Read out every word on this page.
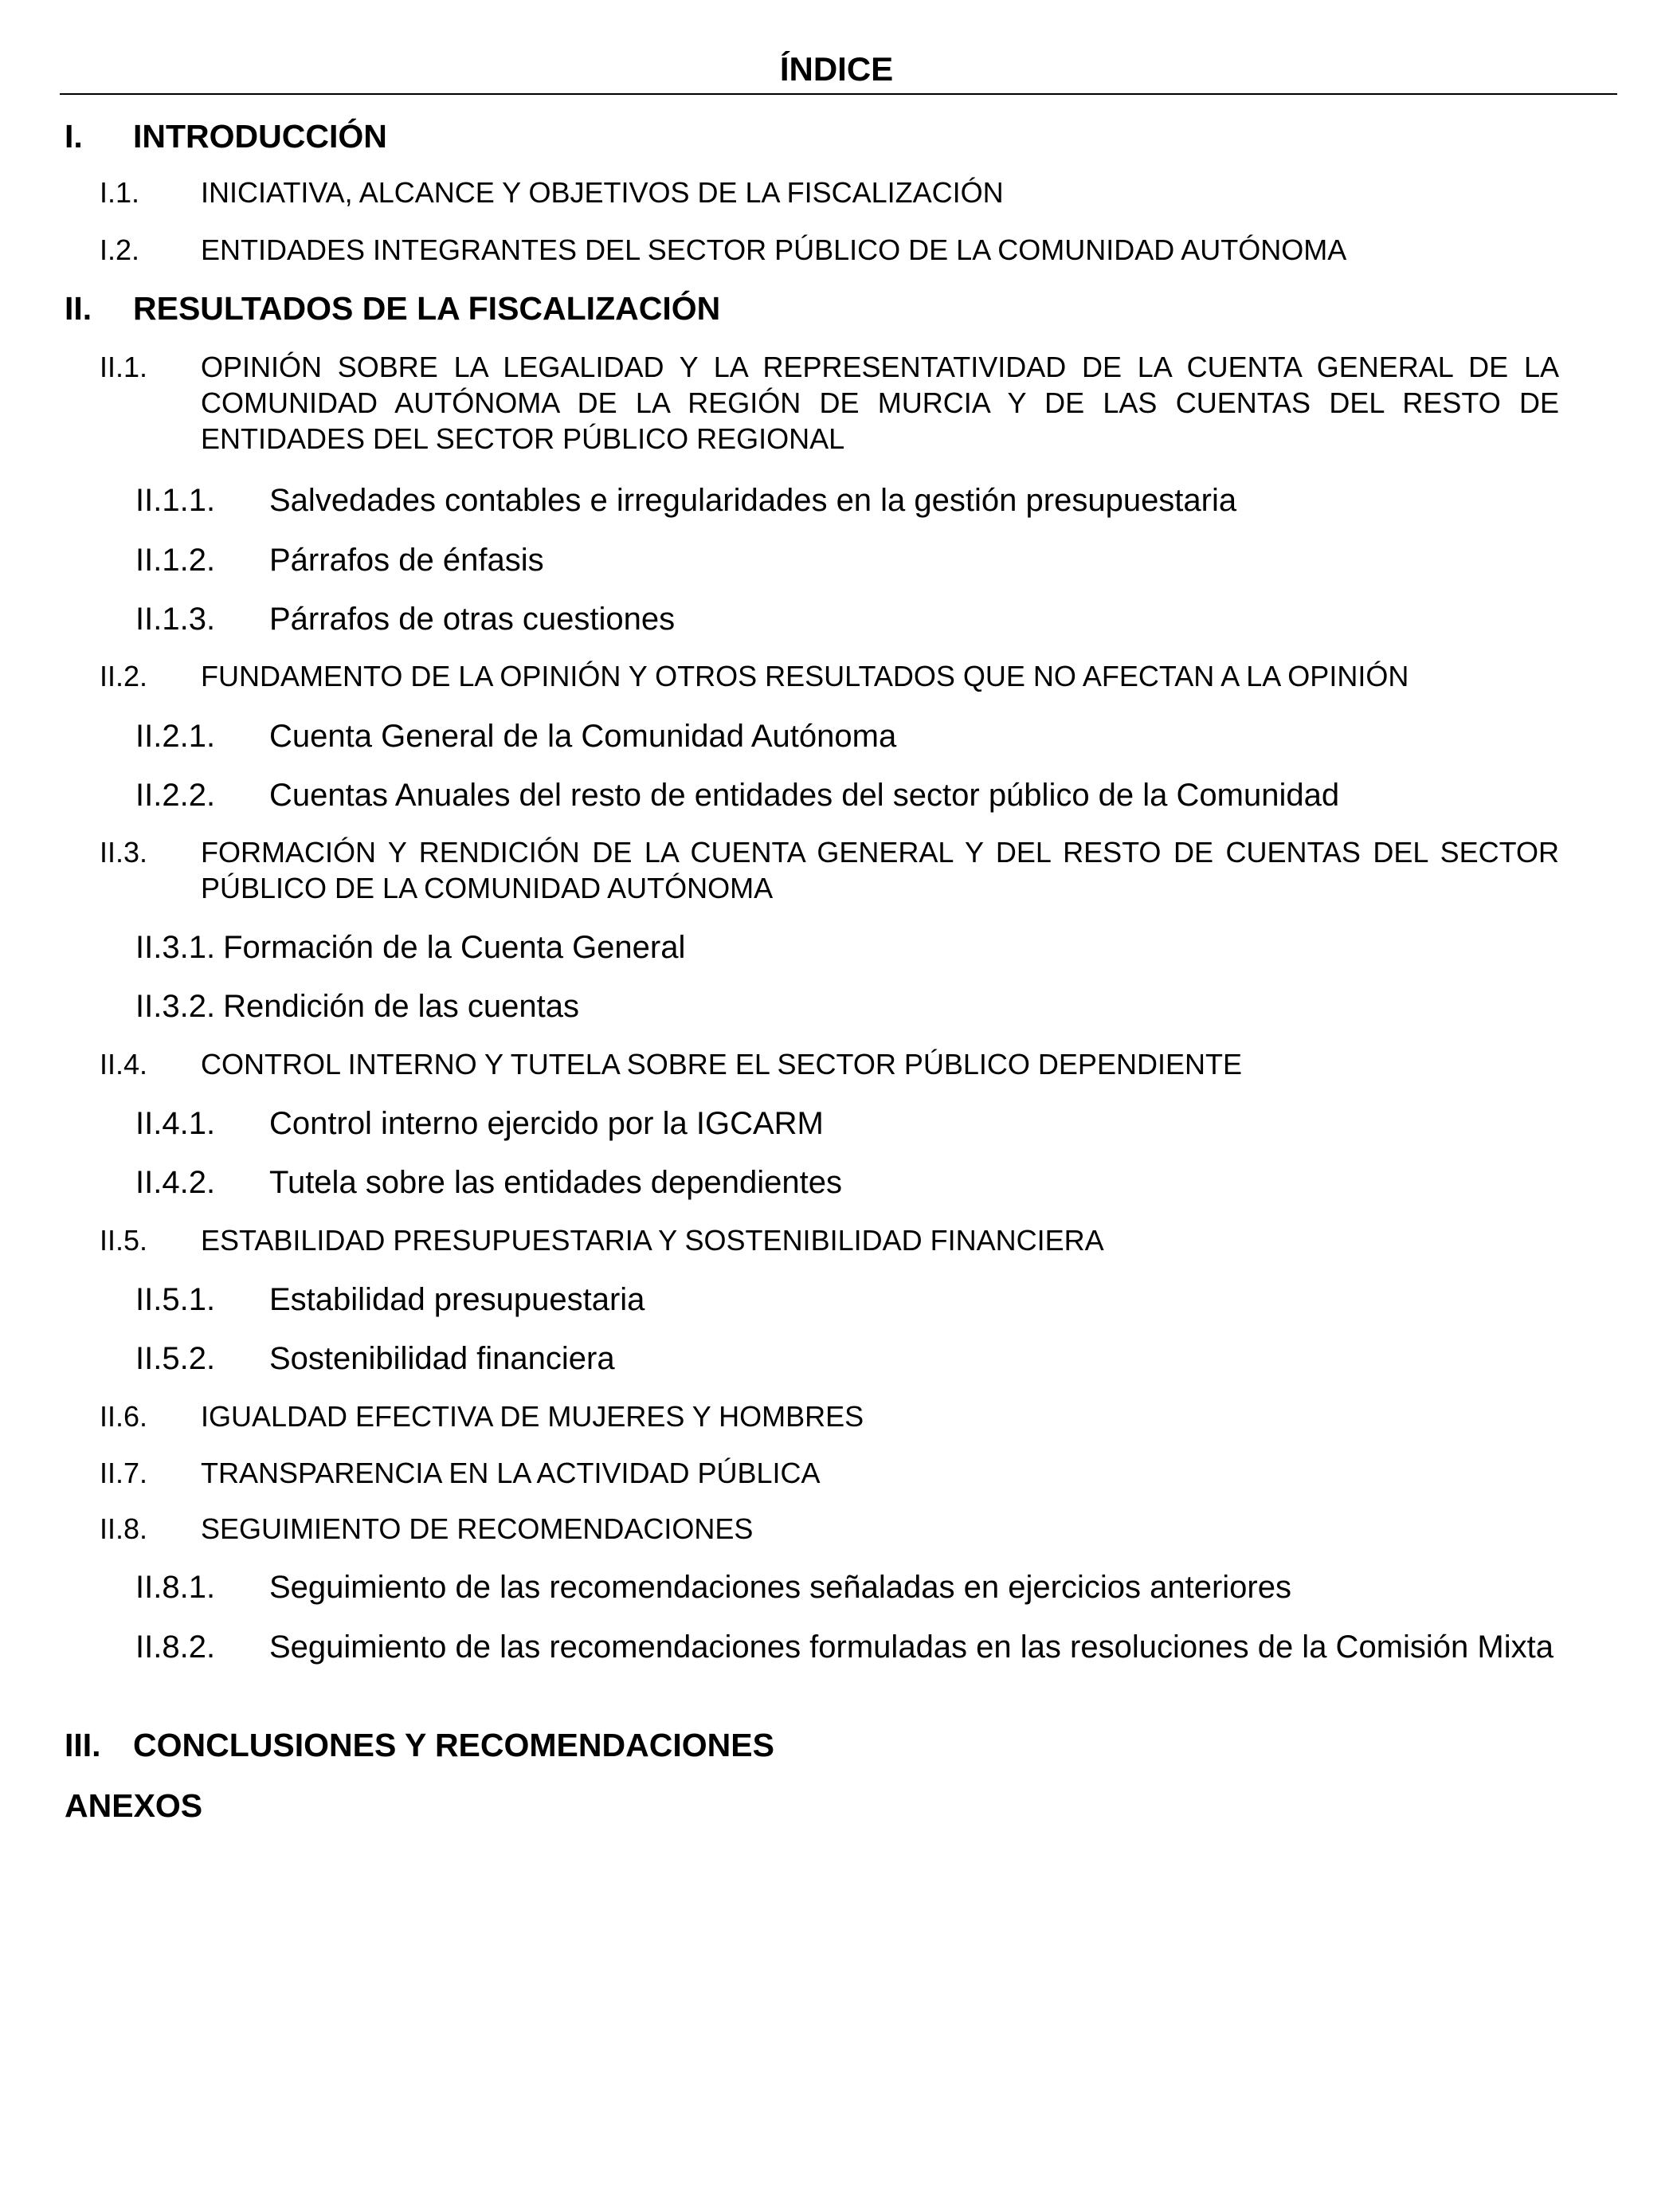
ÍNDICE
I.	INTRODUCCIÓN
I.1.	INICIATIVA, ALCANCE Y OBJETIVOS DE LA FISCALIZACIÓN
I.2.	ENTIDADES INTEGRANTES DEL SECTOR PÚBLICO DE LA COMUNIDAD AUTÓNOMA
II.	RESULTADOS DE LA FISCALIZACIÓN
II.1.	OPINIÓN SOBRE LA LEGALIDAD Y LA REPRESENTATIVIDAD DE LA CUENTA GENERAL DE LA COMUNIDAD AUTÓNOMA DE LA REGIÓN DE MURCIA Y DE LAS CUENTAS DEL RESTO DE ENTIDADES DEL SECTOR PÚBLICO REGIONAL
II.1.1.	Salvedades contables e irregularidades en la gestión presupuestaria
II.1.2.	Párrafos de énfasis
II.1.3.	Párrafos de otras cuestiones
II.2.	FUNDAMENTO DE LA OPINIÓN Y OTROS RESULTADOS QUE NO AFECTAN A LA OPINIÓN
II.2.1.	Cuenta General de la Comunidad Autónoma
II.2.2.	Cuentas Anuales del resto de entidades del sector público de la Comunidad
II.3.	FORMACIÓN Y RENDICIÓN DE LA CUENTA GENERAL Y DEL RESTO DE CUENTAS DEL SECTOR PÚBLICO DE LA COMUNIDAD AUTÓNOMA
II.3.1. Formación de la Cuenta General
II.3.2. Rendición de las cuentas
II.4.	CONTROL INTERNO Y TUTELA SOBRE EL SECTOR PÚBLICO DEPENDIENTE
II.4.1.	Control interno ejercido por la IGCARM
II.4.2.	Tutela sobre las entidades dependientes
II.5.	ESTABILIDAD PRESUPUESTARIA Y SOSTENIBILIDAD FINANCIERA
II.5.1.	Estabilidad presupuestaria
II.5.2.	Sostenibilidad financiera
II.6.	IGUALDAD EFECTIVA DE MUJERES Y HOMBRES
II.7.	TRANSPARENCIA EN LA ACTIVIDAD PÚBLICA
II.8.	SEGUIMIENTO DE RECOMENDACIONES
II.8.1.	Seguimiento de las recomendaciones señaladas en ejercicios anteriores
II.8.2.	Seguimiento de las recomendaciones formuladas en las resoluciones de la Comisión Mixta
III. CONCLUSIONES Y RECOMENDACIONES
ANEXOS
